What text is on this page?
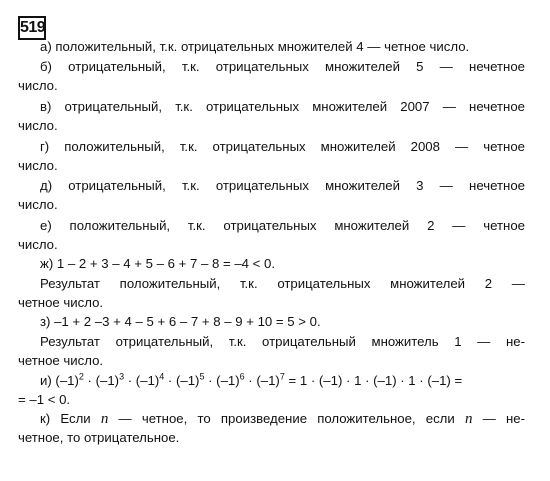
519
а) положительный, т.к. отрицательных множителей 4 — четное число.
б) отрицательный, т.к. отрицательных множителей 5 — нечетное
число.
в) отрицательный, т.к. отрицательных множителей 2007 — нечетное
число.
г) положительный, т.к. отрицательных множителей 2008 — четное
число.
д) отрицательный, т.к. отрицательных множителей 3 — нечетное
число.
е) положительный, т.к. отрицательных множителей 2 — четное
число.
ж) 1 – 2 + 3 – 4 + 5 – 6 + 7 – 8 = –4 < 0.
Результат положительный, т.к. отрицательных множителей 2 —
четное число.
з) –1 + 2 –3 + 4 – 5 + 6 – 7 + 8 – 9 + 10 = 5 > 0.
Результат отрицательный, т.к. отрицательный множитель 1 — не-
четное число.
и) $(-1)^2 \cdot (-1)^3 \cdot (-1)^4 \cdot (-1)^5 \cdot (-1)^6 \cdot (-1)^7 = 1 \cdot (-1) \cdot 1 \cdot (-1) \cdot 1 \cdot (-1)$ =
= –1 < 0.
к) Если n — четное, то произведение положительное, если n — не-
четное, то отрицательное.
